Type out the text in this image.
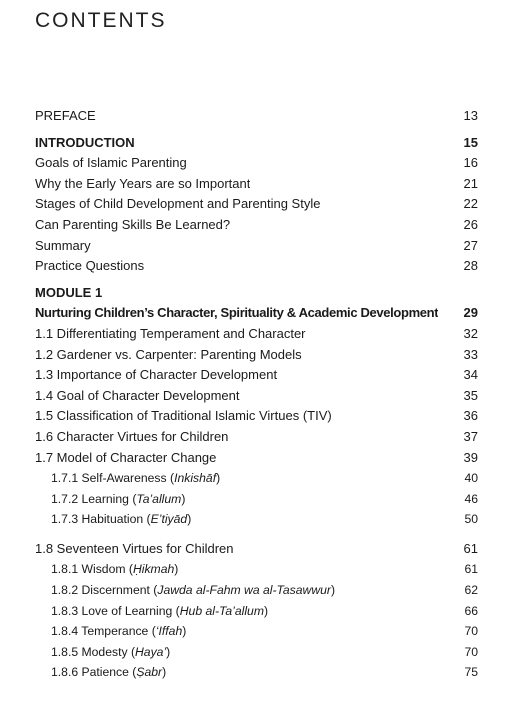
CONTENTS
PREFACE	13
INTRODUCTION	15
Goals of Islamic Parenting	16
Why the Early Years are so Important	21
Stages of Child Development and Parenting Style	22
Can Parenting Skills Be Learned?	26
Summary	27
Practice Questions	28
MODULE 1
Nurturing Children’s Character, Spirituality & Academic Development	29
1.1 Differentiating Temperament and Character	32
1.2 Gardener vs. Carpenter: Parenting Models	33
1.3 Importance of Character Development	34
1.4 Goal of Character Development	35
1.5 Classification of Traditional Islamic Virtues (TIV)	36
1.6 Character Virtues for Children	37
1.7 Model of Character Change	39
1.7.1 Self-Awareness (Inkishāf)	40
1.7.2 Learning (Ta’allum)	46
1.7.3 Habituation (E’tiyād)	50
1.8 Seventeen Virtues for Children	61
1.8.1 Wisdom (Ḥikmah)	61
1.8.2 Discernment (Jawda al-Fahm wa al-Tasawwur)	62
1.8.3 Love of Learning (Hub al-Ta’allum)	66
1.8.4 Temperance (‘Iffah)	70
1.8.5 Modesty (Haya’)	70
1.8.6 Patience (Ṣabr)	75
